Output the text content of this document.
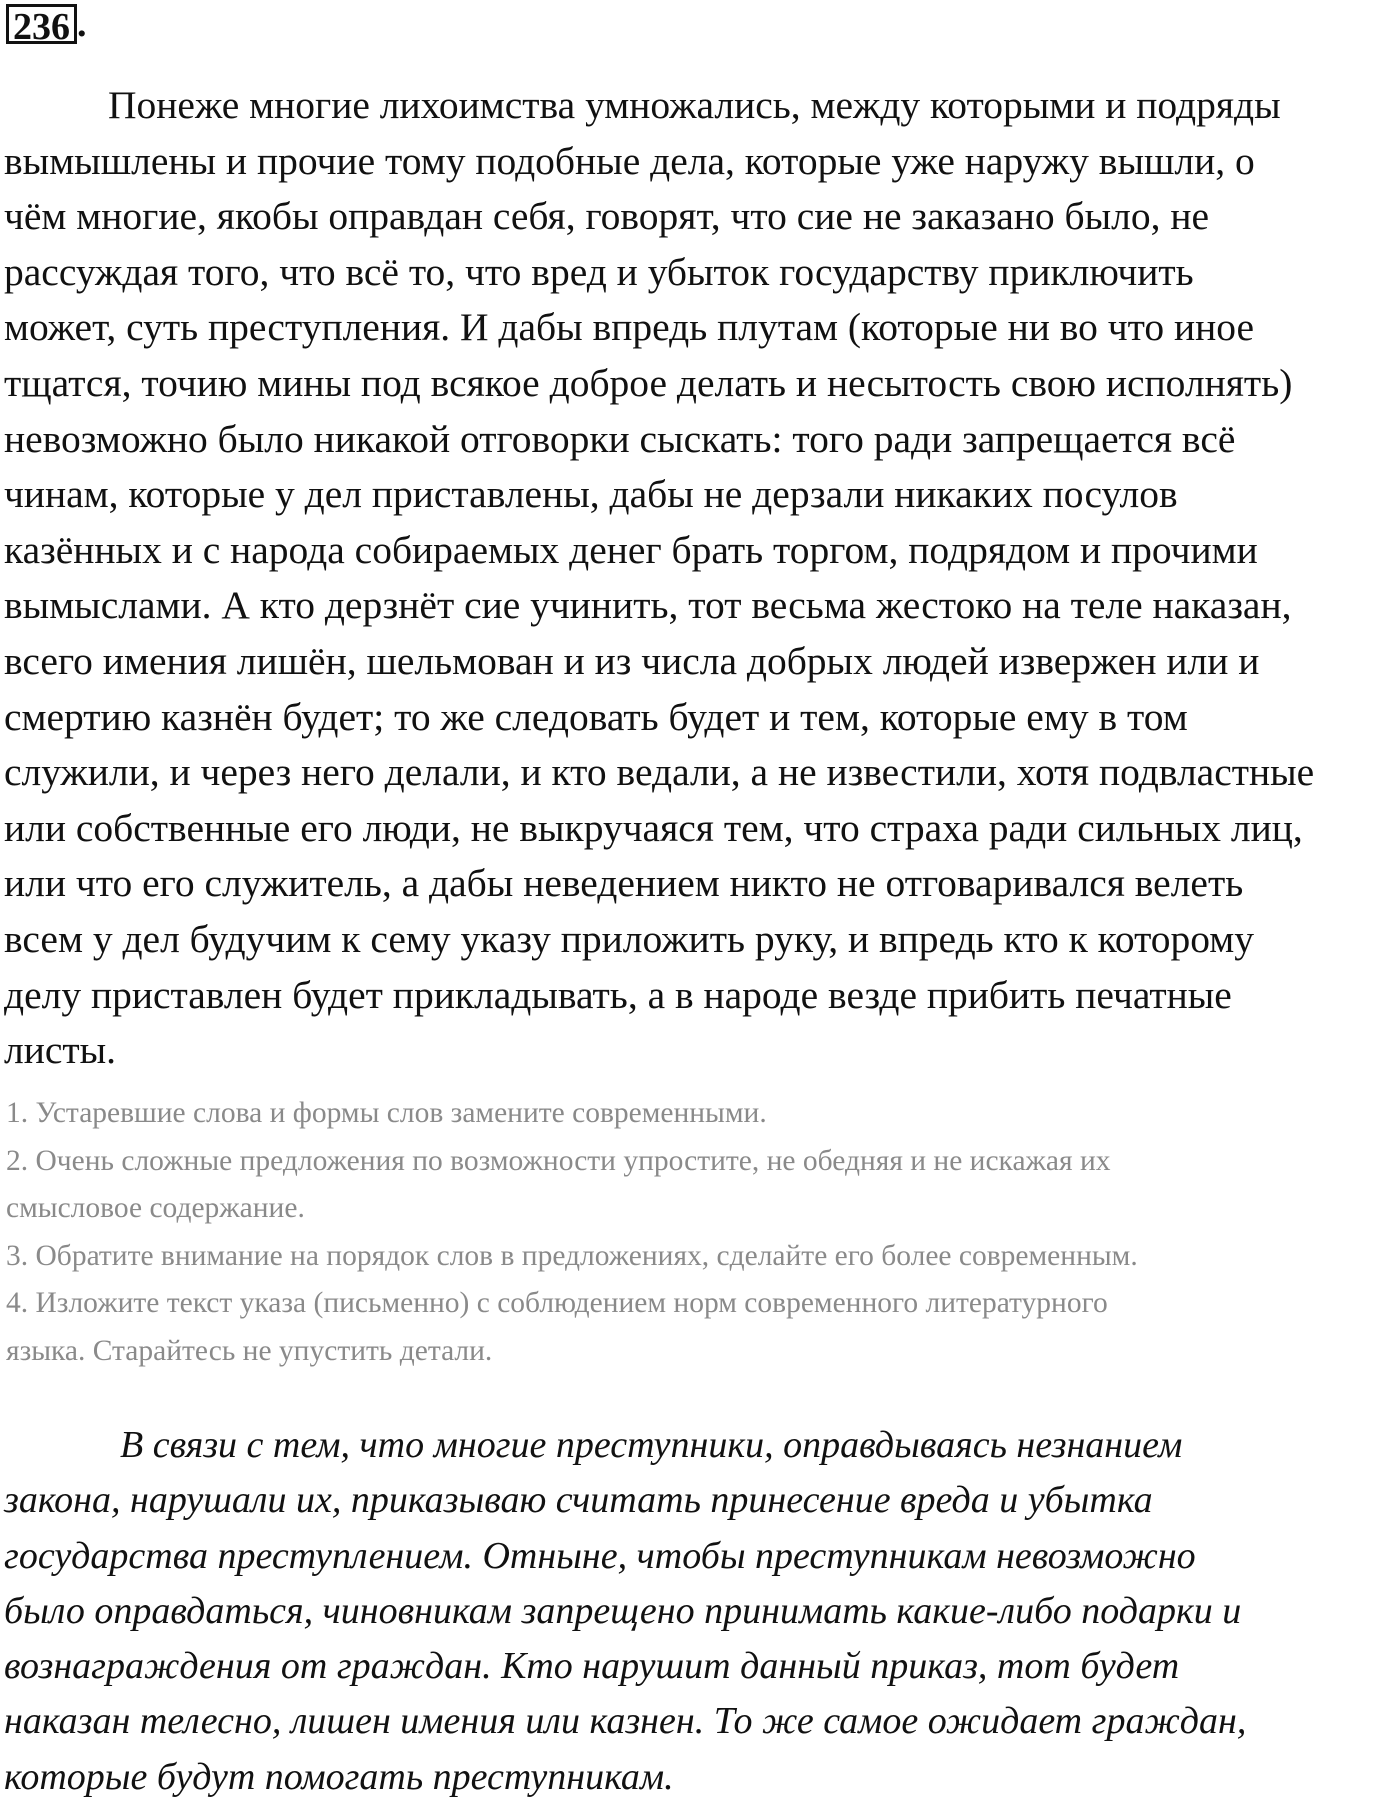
236 .

Понеже многие лихоимства умножались, между которыми и подряды
вымышлены и прочие тому подобные дела, которые уже наружу вышли, о
чём многие, якобы оправдан себя, говорят, что сие не заказано было, не
рассуждая того, что всё то, что вред и убыток государству приключить
может, суть преступления. И дабы впредь плутам (которые ни во что иное
тщатся, точию мины под всякое доброе делать и несытость свою исполнять)
невозможно было никакой отговорки сыскать: того ради запрещается всё
чинам, которые у дел приставлены, дабы не дерзали никаких посулов
казённых и с народа собираемых денег брать торгом, подрядом и прочими
вымыслами. А кто дерзнёт сие учинить, тот весьма жестоко на теле наказан,
всего имения лишён, шельмован и из числа добрых людей извержен или и
смертию казнён будет; то же следовать будет и тем, которые ему в том
служили, и через него делали, и кто ведали, а не известили, хотя подвластные
или собственные его люди, не выкручаяся тем, что страха ради сильных лиц,
или что его служитель, а дабы неведением никто не отговаривался велеть
всем у дел будучим к сему указу приложить руку, и впредь кто к которому
делу приставлен будет прикладывать, а в народе везде прибить печатные
листы.

1. Устаревшие слова и формы слов замените современными.
2. Очень сложные предложения по возможности упростите, не обедняя и не искажая их
смысловое содержание.
3. Обратите внимание на порядок слов в предложениях, сделайте его более современным.
4. Изложите текст указа (письменно) с соблюдением норм современного литературного
языка. Старайтесь не упустить детали.

В связи с тем, что многие преступники, оправдываясь незнанием
закона, нарушали их, приказываю считать принесение вреда и убытка
государства преступлением. Отныне, чтобы преступникам невозможно
было оправдаться, чиновникам запрещено принимать какие-либо подарки и
вознаграждения от граждан. Кто нарушит данный приказ, тот будет
наказан телесно, лишен имения или казнен. То же самое ожидает граждан,
которые будут помогать преступникам.
